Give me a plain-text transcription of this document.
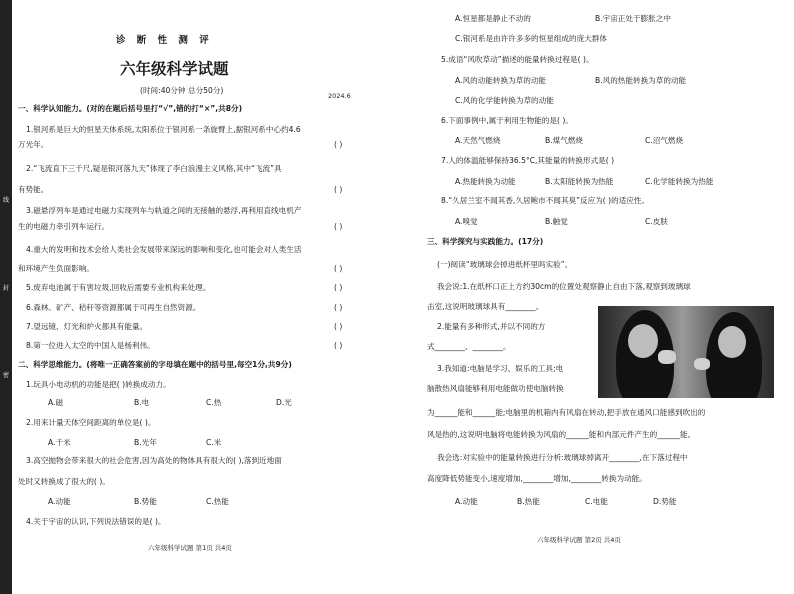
线
封
密
诊 断 性 测 评
六年级科学试题
(时间:40分钟 总分50分)
2024.6
一、科学认知能力。(对的在题后括号里打“√”,错的打“×”,共8分)
1.银河系是巨大的恒星天体系统,太阳系位于银河系一条旋臂上,据银河系中心约4.6
万光年。	( )
2.“飞流直下三千尺,疑是银河落九天”体现了李白浪漫主义风格,其中“飞流”具
有势能。	( )
3.磁悬浮列车是通过电磁力实现列车与轨道之间的无接触的悬浮,再利用直线电机产
生的电磁力牵引列车运行。	( )
4.重大的发明和技术会给人类社会发展带来深远的影响和变化,也可能会对人类生活
和环境产生负面影响。	( )
5.废弃电池属于有害垃圾,回收后需要专业机构来处理。	( )
6.森林、矿产、秸秆等资源都属于可再生自然资源。	( )
7.望远镜、灯光和炉火都具有能量。	( )
8.第一位进入太空的中国人是杨利伟。	( )
二、科学思维能力。(将唯一正确答案前的字母填在题中的括号里,每空1分,共9分)
1.玩具小电动机的功能是把( )转换成动力。
A.磁	B.电	C.热	D.光
2.用来计量天体空间距离的单位是( )。
A.千米	B.光年	C.米
3.高空抛物会带来很大的社会危害,因为高处的物体具有很大的( ),落到近地面
处时又转换成了很大的( )。
A.动能	B.势能	C.热能
4.关于宇宙的认识,下列说法错误的是( )。
六年级科学试题 第1页 共4页
A.恒星都是静止不动的	B.宇宙正处于膨胀之中
C.银河系是由许许多多的恒星组成的庞大群体
5.成语“风吹草动”描述的能量转换过程是( )。
A.风的动能转换为草的动能	B.风的热能转换为草的动能
C.风的化学能转换为草的动能
6.下面事例中,属于利用生物能的是( )。
A.天然气燃烧	B.煤气燃烧	C.沼气燃烧
7.人的体温能够保持36.5°C,其能量的转换形式是( )
A.热能转换为动能	B.太阳能转换为热能	C.化学能转换为热能
8.“久居兰室不闻其香,久居鲍市不闻其臭”反应为( )的适应性。
A.嗅觉	B.触觉	C.皮肤
三、科学探究与实践能力。(17分)
(一)阅读“玻璃球会掉进纸杯里吗实验”。
我会说:1.在纸杯口正上方约30cm的位置处观察静止自由下落,观察到玻璃球
击室,这说明玻璃球具有________。
2.能量有多种形式,并以不同的方
式________、________。
3.我知道:电脑是学习、娱乐的工具;电
脑散热风扇能够利用电能做功使电脑转换
为______能和______能;电脑里的机箱内有风扇在转动,把手放在通风口能感到吹出的
风是热的,这说明电脑将电能转换为风扇的______能和内部元件产生的______能。
我会选:对实验中的能量转换进行分析:玻璃球掉离开________,在下落过程中
高度降低势能变小,速度增加,________增加,________转换为动能。
A.动能	B.热能	C.电能	D.势能
六年级科学试题 第2页 共4页
